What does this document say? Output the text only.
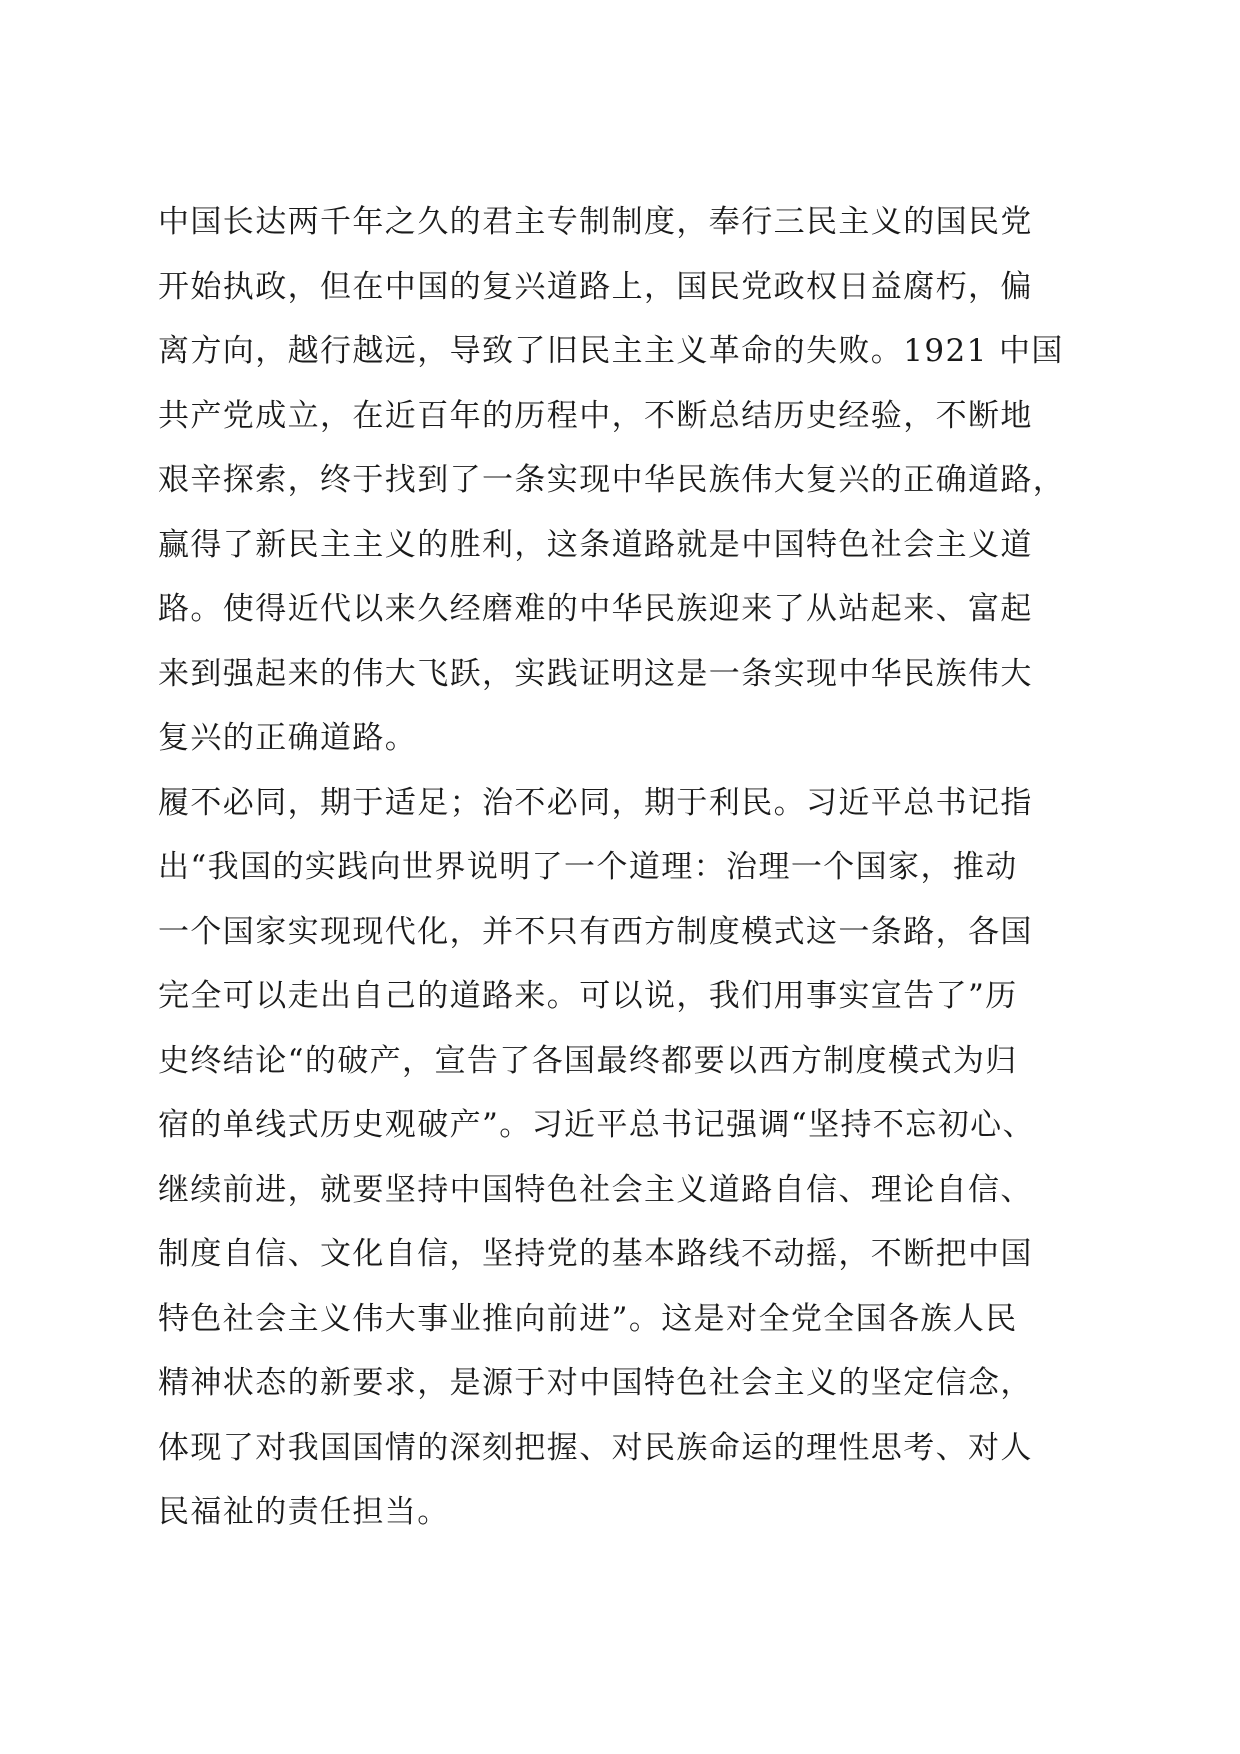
中国长达两千年之久的君主专制制度，奉行三民主义的国民党
开始执政，但在中国的复兴道路上，国民党政权日益腐朽，偏
离方向，越行越远，导致了旧民主主义革命的失败。1921 中国
共产党成立，在近百年的历程中，不断总结历史经验，不断地
艰辛探索，终于找到了一条实现中华民族伟大复兴的正确道路，
赢得了新民主主义的胜利，这条道路就是中国特色社会主义道
路。使得近代以来久经磨难的中华民族迎来了从站起来、富起
来到强起来的伟大飞跃，实践证明这是一条实现中华民族伟大
复兴的正确道路。
履不必同，期于适足；治不必同，期于利民。习近平总书记指
出“我国的实践向世界说明了一个道理：治理一个国家，推动
一个国家实现现代化，并不只有西方制度模式这一条路，各国
完全可以走出自己的道路来。可以说，我们用事实宣告了”历
史终结论“的破产，宣告了各国最终都要以西方制度模式为归
宿的单线式历史观破产”。习近平总书记强调“坚持不忘初心、
继续前进，就要坚持中国特色社会主义道路自信、理论自信、
制度自信、文化自信，坚持党的基本路线不动摇，不断把中国
特色社会主义伟大事业推向前进”。这是对全党全国各族人民
精神状态的新要求，是源于对中国特色社会主义的坚定信念，
体现了对我国国情的深刻把握、对民族命运的理性思考、对人
民福祉的责任担当。
